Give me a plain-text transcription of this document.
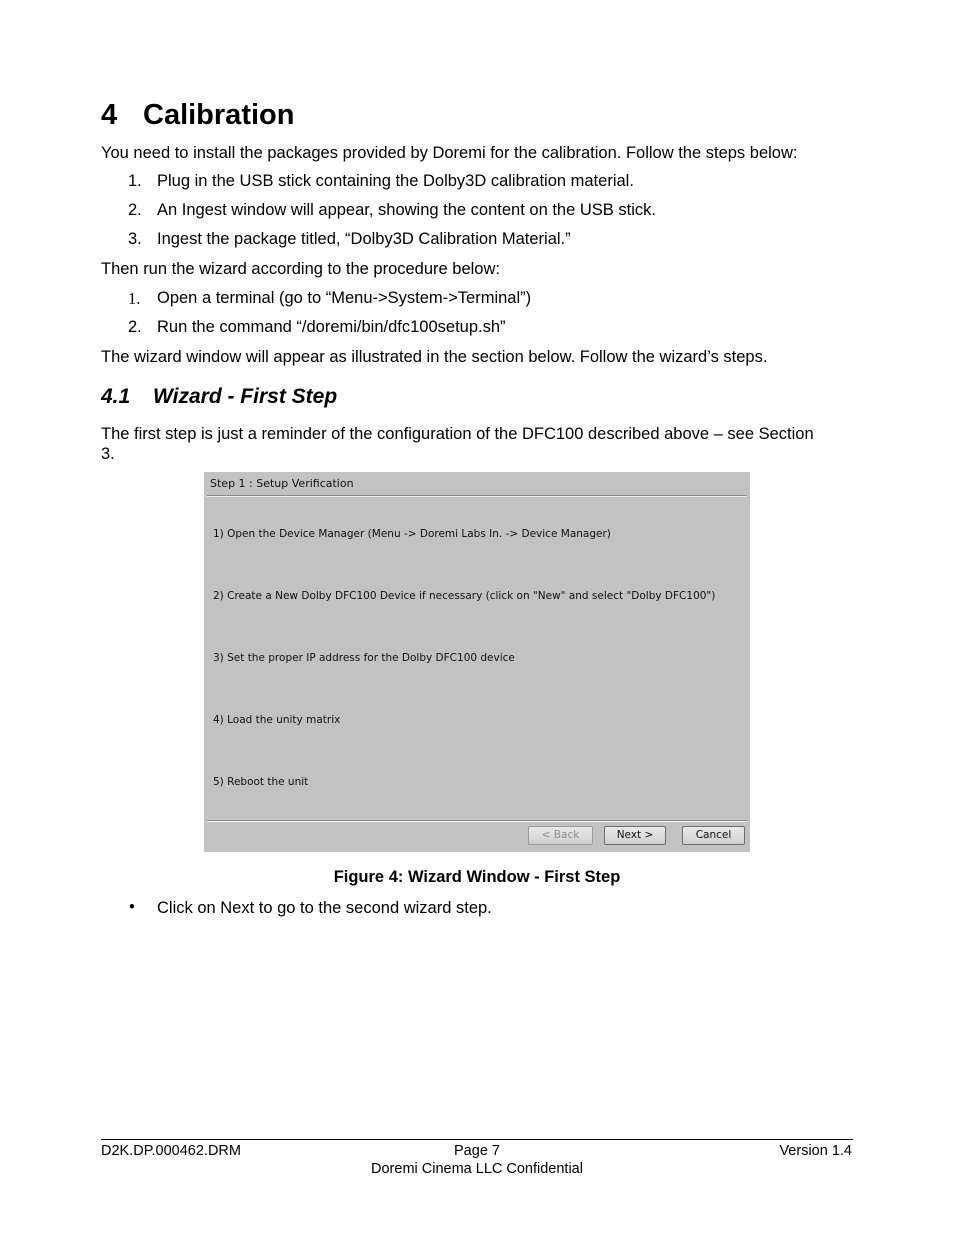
4 Calibration
You need to install the packages provided by Doremi for the calibration. Follow the steps below:
1. Plug in the USB stick containing the Dolby3D calibration material.
2. An Ingest window will appear, showing the content on the USB stick.
3. Ingest the package titled, “Dolby3D Calibration Material.”
Then run the wizard according to the procedure below:
1. Open a terminal (go to “Menu->System->Terminal”)
2. Run the command “/doremi/bin/dfc100setup.sh”
The wizard window will appear as illustrated in the section below. Follow the wizard’s steps.
4.1 Wizard - First Step
The first step is just a reminder of the configuration of the DFC100 described above – see Section
3.
Step 1 : Setup Verification
1) Open the Device Manager (Menu -> Doremi Labs In. -> Device Manager)
2) Create a New Dolby DFC100 Device if necessary (click on "New" and select "Dolby DFC100")
3) Set the proper IP address for the Dolby DFC100 device
4) Load the unity matrix
5) Reboot the unit
< Back	Next >	Cancel
Figure 4: Wizard Window - First Step
• Click on Next to go to the second wizard step.
D2K.DP.000462.DRM	Page 7	Version 1.4
Doremi Cinema LLC Confidential
